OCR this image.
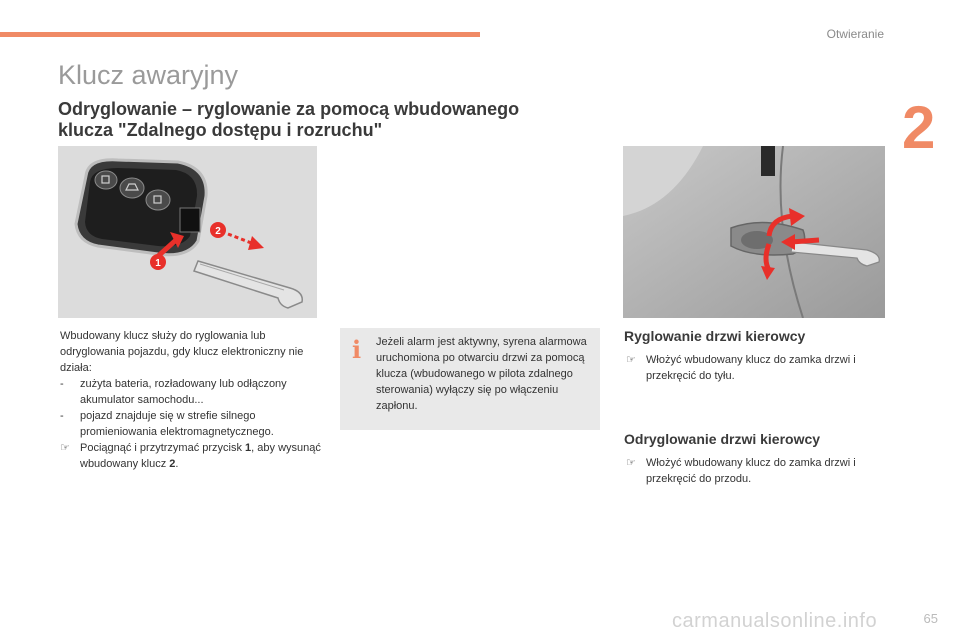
Otwieranie
2
Klucz awaryjny
Odryglowanie – ryglowanie za pomocą wbudowanego
klucza "Zdalnego dostępu i rozruchu"
1
2

Wbudowany klucz służy do ryglowania lub odryglowania pojazdu, gdy klucz elektroniczny nie działa:

- zużyta bateria, rozładowany lub odłączony akumulator samochodu...
- pojazd znajduje się w strefie silnego promieniowania elektromagnetycznego.
☞ Pociągnąć i przytrzymać przycisk 1, aby wysunąć wbudowany klucz 2.
i Jeżeli alarm jest aktywny, syrena alarmowa uruchomiona po otwarciu drzwi za pomocą klucza (wbudowanego w pilota zdalnego sterowania) wyłączy się po włączeniu zapłonu.
Ryglowanie drzwi kierowcy
☞ Włożyć wbudowany klucz do zamka drzwi i przekręcić do tyłu.
Odryglowanie drzwi kierowcy
☞ Włożyć wbudowany klucz do zamka drzwi i przekręcić do przodu.
carmanualsonline.info	65
